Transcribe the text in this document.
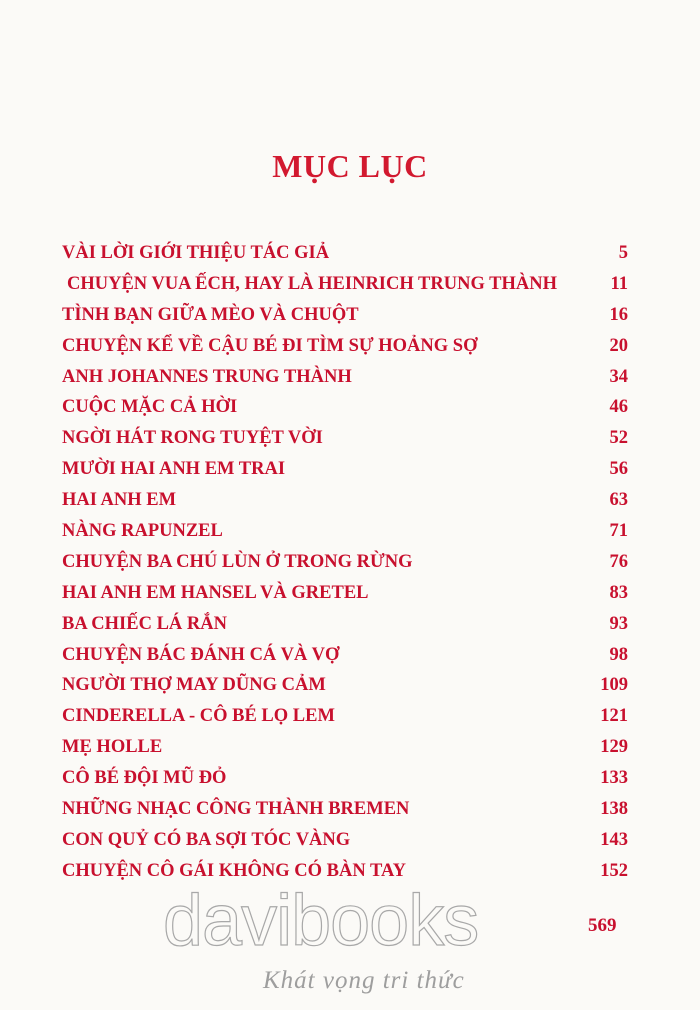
MỤC LỤC
VÀI LỜI GIỚI THIỆU TÁC GIẢ	5
CHUYỆN VUA ẾCH, HAY LÀ HEINRICH TRUNG THÀNH	11
TÌNH BẠN GIỮA MÈO VÀ CHUỘT	16
CHUYỆN KỂ VỀ CẬU BÉ ĐI TÌM SỰ HOẢNG SỢ	20
ANH JOHANNES TRUNG THÀNH	34
CUỘC MẶC CẢ HỜI	46
NGỜI HÁT RONG TUYỆT VỜI	52
MƯỜI HAI ANH EM TRAI	56
HAI ANH EM	63
NÀNG RAPUNZEL	71
CHUYỆN BA CHÚ LÙN Ở TRONG RỪNG	76
HAI ANH EM HANSEL VÀ GRETEL	83
BA CHIẾC LÁ RẮN	93
CHUYỆN BÁC ĐÁNH CÁ VÀ VỢ	98
NGƯỜI THỢ MAY DŨNG CẢM	109
CINDERELLA - CÔ BÉ LỌ LEM	121
MẸ HOLLE	129
CÔ BÉ ĐỘI MŨ ĐỎ	133
NHỮNG NHẠC CÔNG THÀNH BREMEN	138
CON QUỶ CÓ BA SỢI TÓC VÀNG	143
CHUYỆN CÔ GÁI KHÔNG CÓ BÀN TAY	152
569
davibooks
Khát vọng tri thức
